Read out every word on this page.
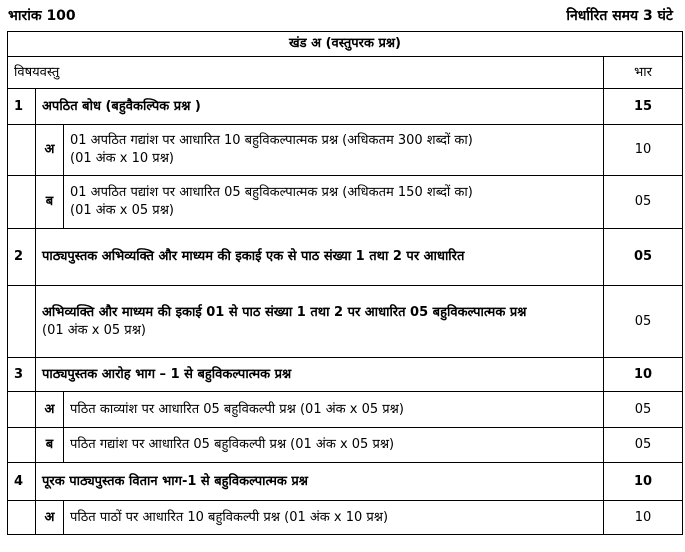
भारांक 100	निर्धारित समय 3 घंटे
खंड अ (वस्तुपरक प्रश्न)			
विषयवस्तु			भार
1	अपठित बोध (बहुवैकल्पिक प्रश्न )		15
	अ	01 अपठित गद्यांश पर आधारित 10 बहुविकल्पात्मक प्रश्न (अधिकतम 300 शब्दों का)
(01 अंक x 10 प्रश्न)	10
	ब	01 अपठित पद्यांश पर आधारित 05 बहुविकल्पात्मक प्रश्न (अधिकतम 150 शब्दों का)
(01 अंक x 05 प्रश्न)	05
2	पाठ्यपुस्तक अभिव्यक्ति और माध्यम की इकाई एक से पाठ संख्या 1 तथा 2 पर आधारित		05

	अभिव्यक्ति और माध्यम की इकाई 01 से पाठ संख्या 1 तथा 2 पर आधारित 05 बहुविकल्पात्मक प्रश्न
(01 अंक x 05 प्रश्न)		05
3	पाठ्यपुस्तक आरोह भाग – 1 से बहुविकल्पात्मक प्रश्न		10
	अ	पठित काव्यांश पर आधारित 05 बहुविकल्पी प्रश्न (01 अंक x 05 प्रश्न)	05
	ब	पठित गद्यांश पर आधारित 05 बहुविकल्पी प्रश्न (01 अंक x 05 प्रश्न)	05
4	पूरक पाठ्यपुस्तक वितान भाग-1 से बहुविकल्पात्मक प्रश्न		10
	अ	पठित पाठों पर आधारित 10 बहुविकल्पी प्रश्न (01 अंक x 10 प्रश्न)	10
